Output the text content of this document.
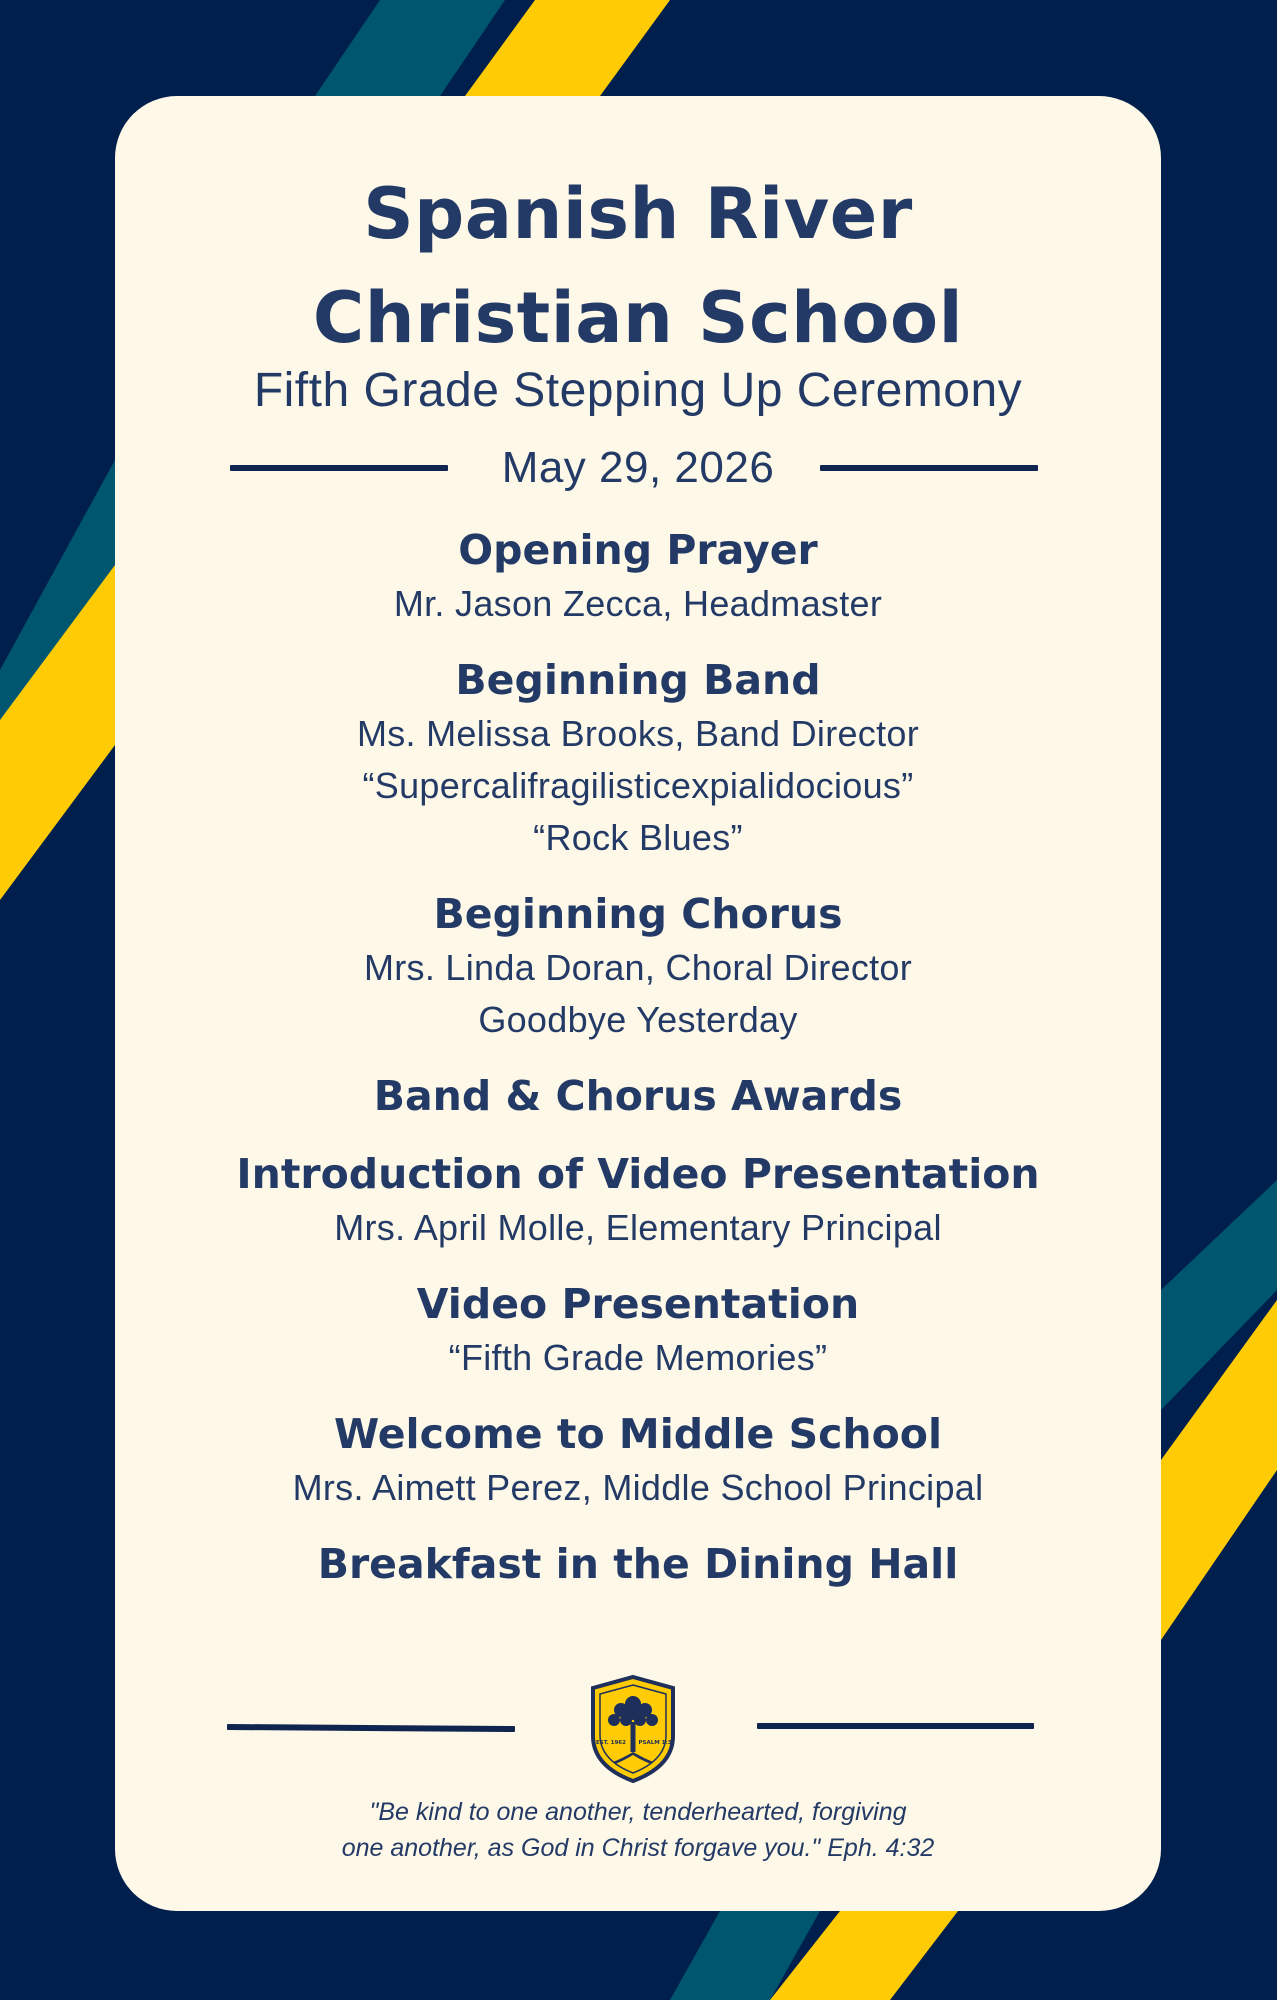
Spanish River
Christian School
Fifth Grade Stepping Up Ceremony
May 29, 2026
Opening Prayer
Mr. Jason Zecca, Headmaster
Beginning Band
Ms. Melissa Brooks, Band Director
“Supercalifragilisticexpialidocious”
“Rock Blues”
Beginning Chorus
Mrs. Linda Doran, Choral Director
Goodbye Yesterday
Band & Chorus Awards
Introduction of Video Presentation
Mrs. April Molle, Elementary Principal
Video Presentation
“Fifth Grade Memories”
Welcome to Middle School
Mrs. Aimett Perez, Middle School Principal
Breakfast in the Dining Hall
EST. 1962 PSALM 1:3
"Be kind to one another, tenderhearted, forgiving
one another, as God in Christ forgave you." Eph. 4:32
